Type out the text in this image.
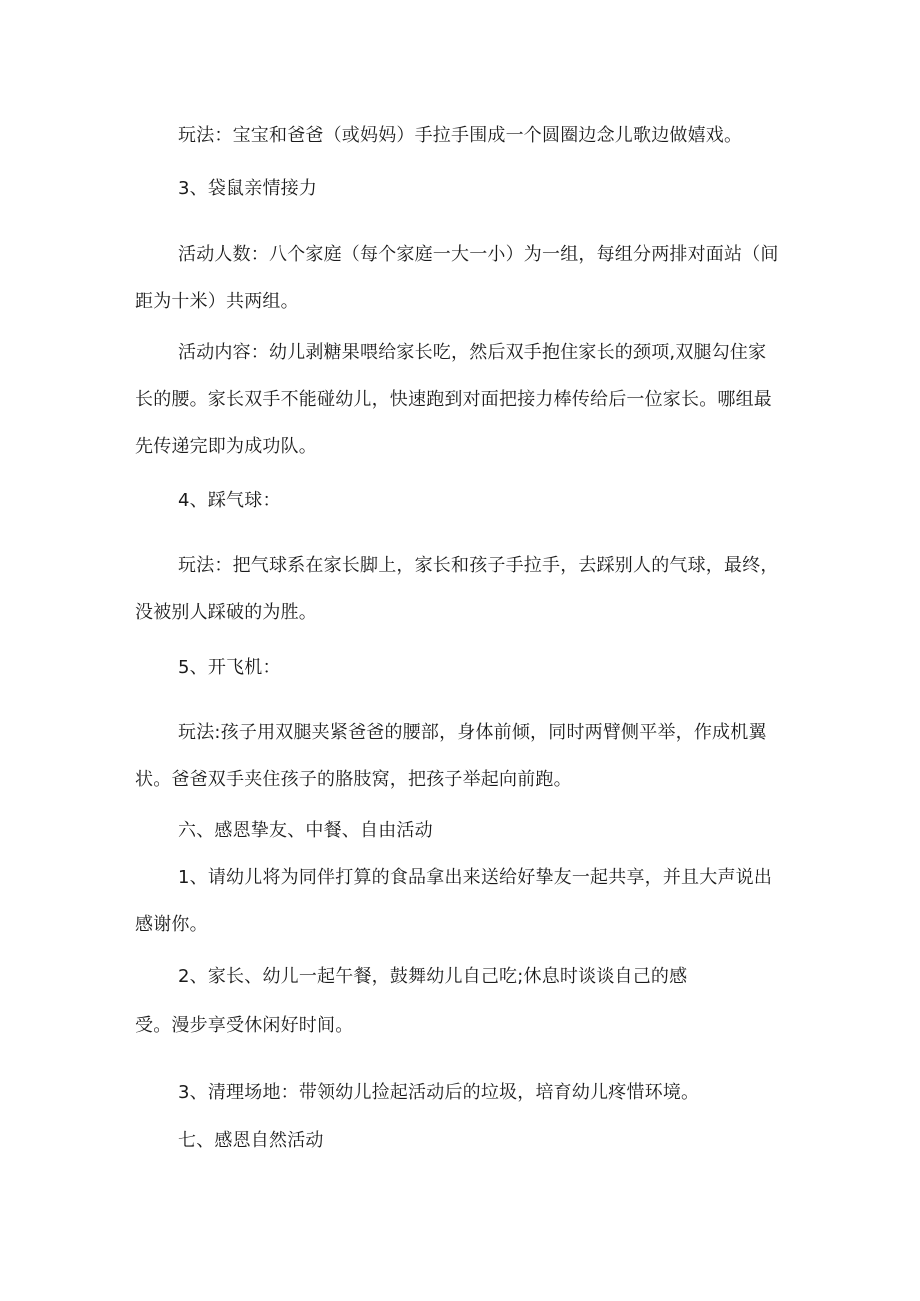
玩法：宝宝和爸爸（或妈妈）手拉手围成一个圆圈边念儿歌边做嬉戏。
3、袋鼠亲情接力
活动人数：八个家庭（每个家庭一大一小）为一组，每组分两排对面站（间
距为十米）共两组。
活动内容：幼儿剥糖果喂给家长吃，然后双手抱住家长的颈项,双腿勾住家
长的腰。家长双手不能碰幼儿，快速跑到对面把接力棒传给后一位家长。哪组最
先传递完即为成功队。
4、踩气球：
玩法：把气球系在家长脚上，家长和孩子手拉手，去踩别人的气球，最终，
没被别人踩破的为胜。
5、开飞机：
玩法:孩子用双腿夹紧爸爸的腰部，身体前倾，同时两臂侧平举，作成机翼
状。爸爸双手夹住孩子的胳肢窝，把孩子举起向前跑。
六、感恩挚友、中餐、自由活动
1、请幼儿将为同伴打算的食品拿出来送给好挚友一起共享，并且大声说出
感谢你。
2、家长、幼儿一起午餐，鼓舞幼儿自己吃;休息时谈谈自己的感
受。漫步享受休闲好时间。
3、清理场地：带领幼儿捡起活动后的垃圾，培育幼儿疼惜环境。
七、感恩自然活动
